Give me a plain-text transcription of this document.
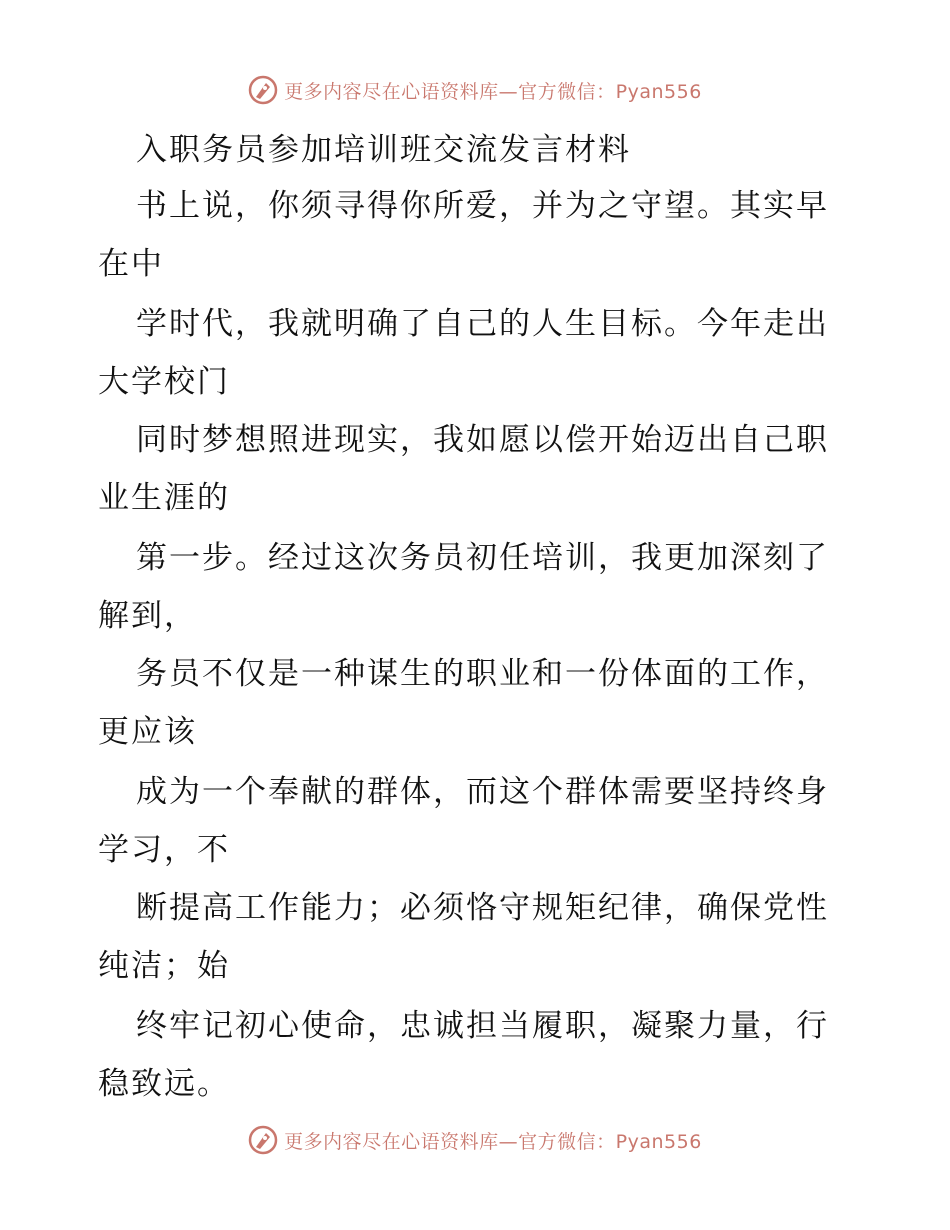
更多内容尽在心语资料库—官方微信：Pyan556
入职务员参加培训班交流发言材料
书上说，你须寻得你所爱，并为之守望。其实早
在中
学时代，我就明确了自己的人生目标。今年走出
大学校门
同时梦想照进现实，我如愿以偿开始迈出自己职
业生涯的
第一步。经过这次务员初任培训，我更加深刻了
解到，
务员不仅是一种谋生的职业和一份体面的工作，
更应该
成为一个奉献的群体，而这个群体需要坚持终身
学习，不
断提高工作能力；必须恪守规矩纪律，确保党性
纯洁；始
终牢记初心使命，忠诚担当履职，凝聚力量，行
稳致远。
更多内容尽在心语资料库—官方微信：Pyan556
